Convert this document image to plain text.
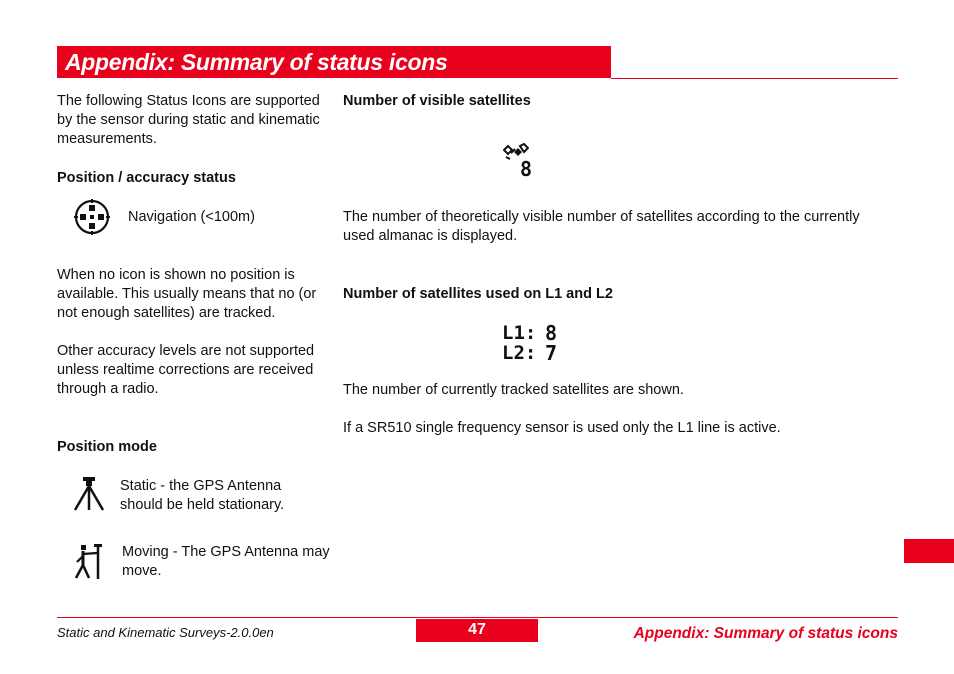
Appendix: Summary of status icons
The following Status Icons are supported by the sensor during static and kinematic measurements.
Position / accuracy status
Navigation (<100m)
When no icon is shown no position is available. This usually means that no (or not enough satellites) are tracked.
Other accuracy levels are not supported unless realtime corrections are received through a radio.
Position mode
Static - the GPS Antenna should be held stationary.
Moving - The GPS Antenna may move.
Number of visible satellites
8
The number of theoretically visible number of satellites according to the currently used almanac is displayed.
Number of satellites used on L1 and L2
L1: 8
L2: 7
The number of currently tracked satellites are shown.
If a SR510 single frequency sensor is used only the L1 line is active.
47
Static and Kinematic Surveys-2.0.0en	Appendix: Summary of status icons
